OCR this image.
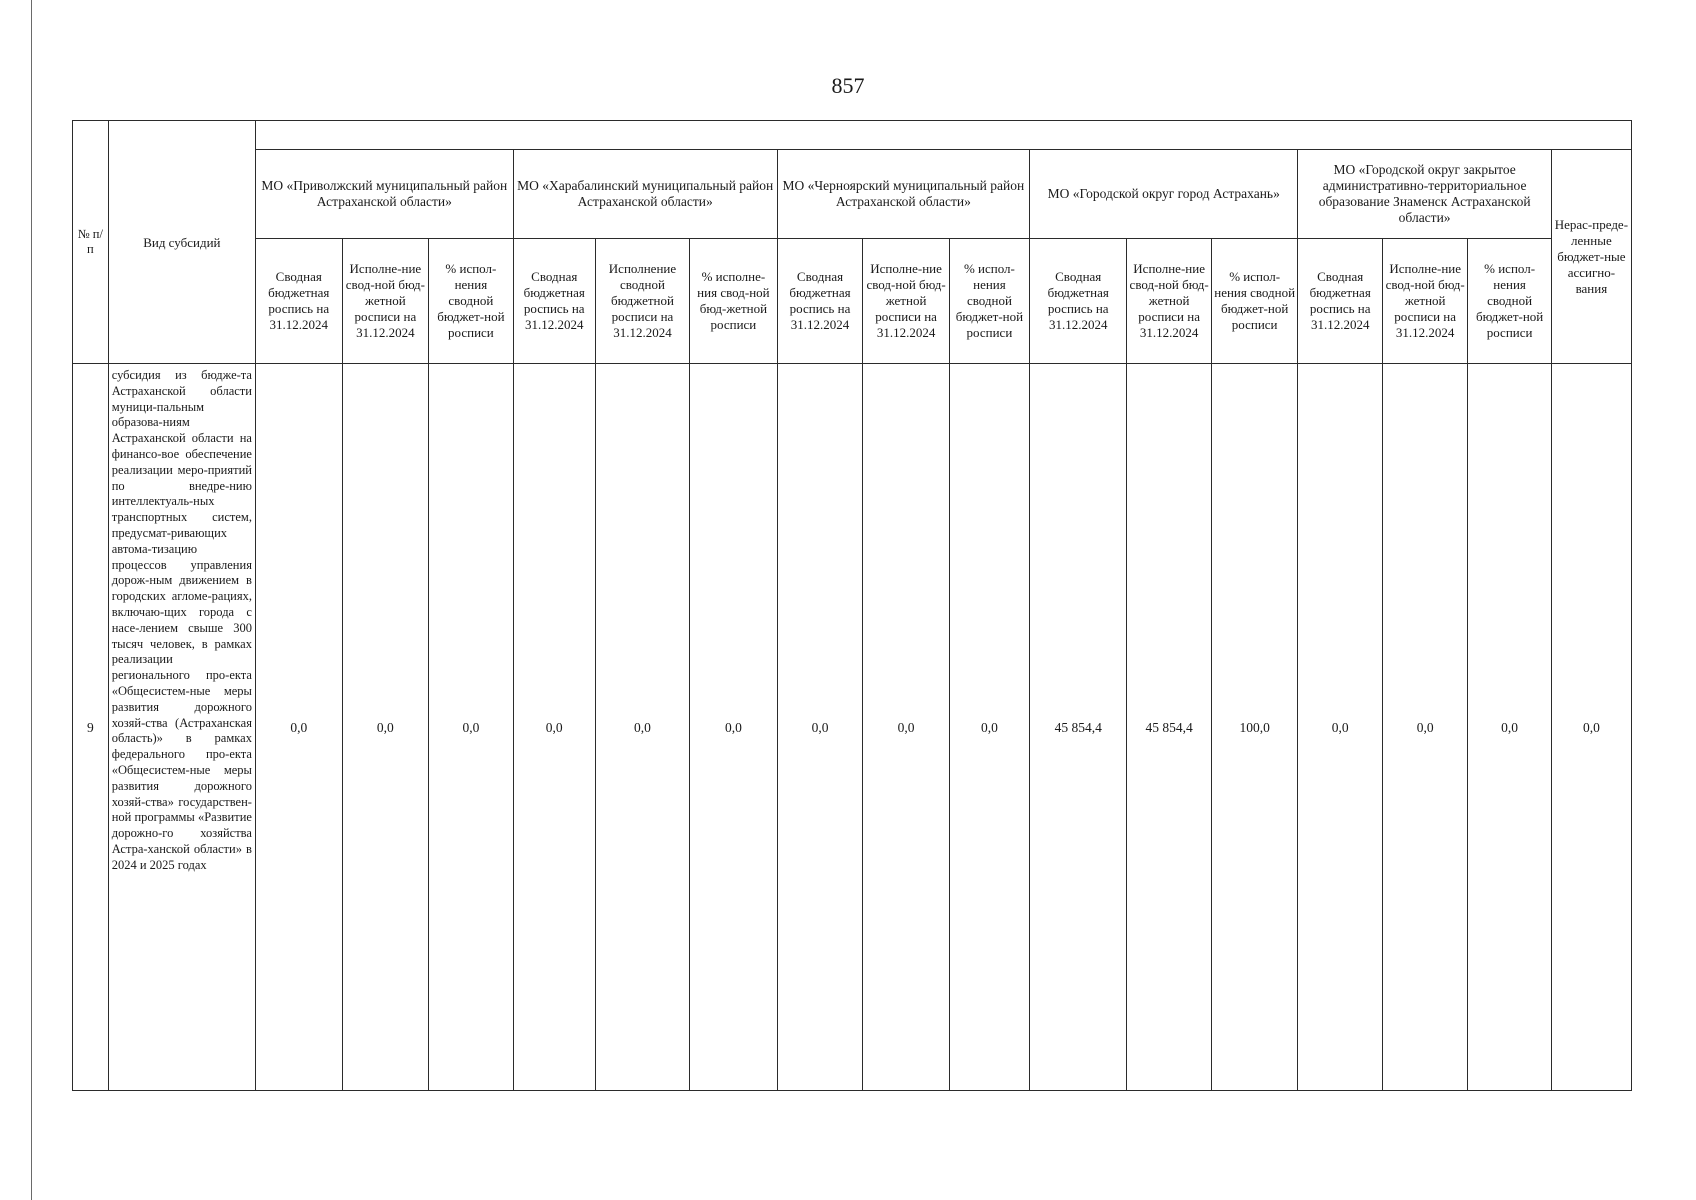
857
№ п/п	Вид субсидий																
		МО «Приволжский муниципальный район Астраханской области»			МО «Харабалинский муниципальный район Астраханской области»			МО «Черноярский муниципальный район Астраханской области»			МО «Городской округ город Астрахань»			МО «Городской округ закрытое административно-территориальное образование Знаменск Астраханской области»			Нерас-преде-ленные бюджет-ные ассигно-вания
		Сводная бюджетная роспись на 31.12.2024	Исполне-ние свод-ной бюд-жетной росписи на 31.12.2024	% испол-нения сводной бюджет-ной росписи	Сводная бюджетная роспись на 31.12.2024	Исполнение сводной бюджетной росписи на 31.12.2024	% исполне-ния свод-ной бюд-жетной росписи	Сводная бюджетная роспись на 31.12.2024	Исполне-ние свод-ной бюд-жетной росписи на 31.12.2024	% испол-нения сводной бюджет-ной росписи	Сводная бюджетная роспись на 31.12.2024	Исполне-ние свод-ной бюд-жетной росписи на 31.12.2024	% испол-нения сводной бюджет-ной росписи	Сводная бюджетная роспись на 31.12.2024	Исполне-ние свод-ной бюд-жетной росписи на 31.12.2024	% испол-нения сводной бюджет-ной росписи	
9	субсидия из бюдже-та Астраханской области муници-пальным образова-ниям Астраханской области на финансо-вое обеспечение реализации меро-приятий по внедре-нию интеллектуаль-ных транспортных систем, предусмат-ривающих автома-тизацию процессов управления дорож-ным движением в городских агломе-рациях, включаю-щих города с насе-лением свыше 300 тысяч человек, в рамках реализации регионального про-екта «Общесистем-ные меры развития дорожного хозяй-ства (Астраханская область)» в рамках федерального про-екта «Общесистем-ные меры развития дорожного хозяй-ства» государствен-ной программы «Развитие дорожно-го хозяйства Астра-ханской области» в 2024 и 2025 годах	0,0	0,0	0,0	0,0	0,0	0,0	0,0	0,0	0,0	45 854,4	45 854,4	100,0	0,0	0,0	0,0	0,0
